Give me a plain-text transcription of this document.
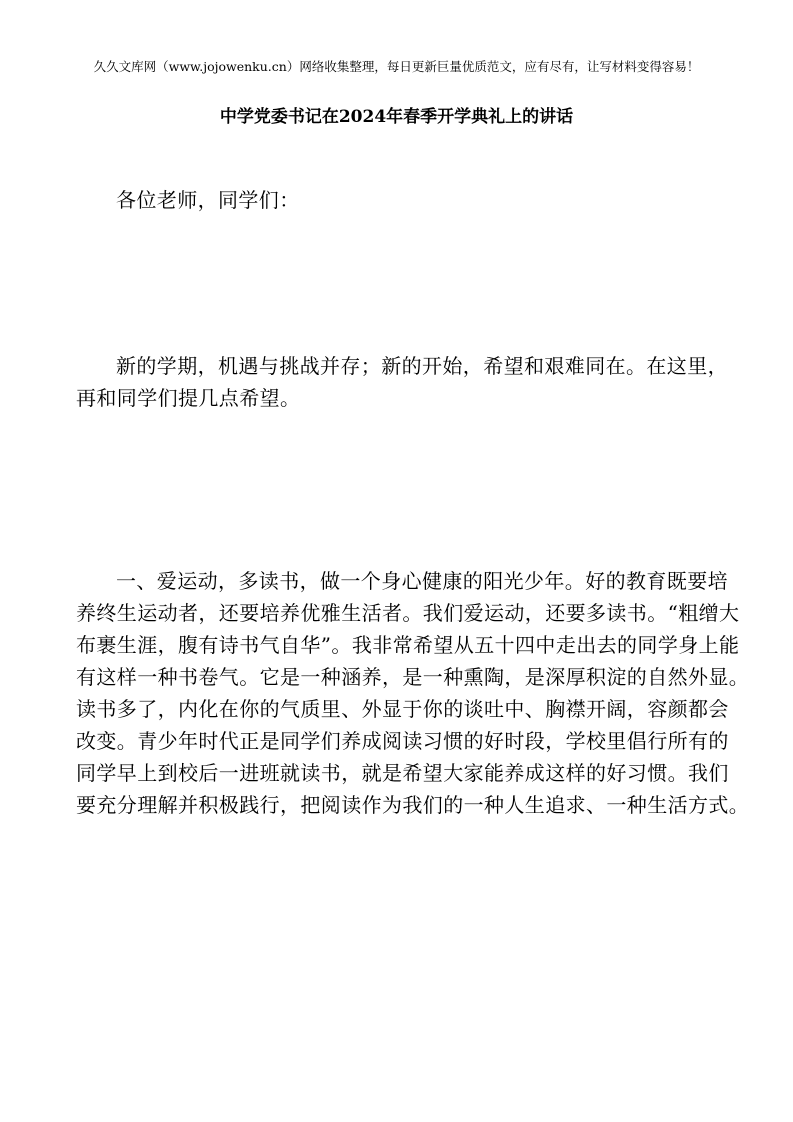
久久文库网（www.jojowenku.cn）网络收集整理，每日更新巨量优质范文，应有尽有，让写材料变得容易！
中学党委书记在2024年春季开学典礼上的讲话

各位老师，同学们：

新的学期，机遇与挑战并存；新的开始，希望和艰难同在。在这里，
再和同学们提几点希望。

一、爱运动，多读书，做一个身心健康的阳光少年。好的教育既要培
养终生运动者，还要培养优雅生活者。我们爱运动，还要多读书。“粗缯大
布裹生涯，腹有诗书气自华”。我非常希望从五十四中走出去的同学身上能
有这样一种书卷气。它是一种涵养，是一种熏陶，是深厚积淀的自然外显。
读书多了，内化在你的气质里、外显于你的谈吐中、胸襟开阔，容颜都会
改变。青少年时代正是同学们养成阅读习惯的好时段，学校里倡行所有的
同学早上到校后一进班就读书，就是希望大家能养成这样的好习惯。我们
要充分理解并积极践行，把阅读作为我们的一种人生追求、一种生活方式。
